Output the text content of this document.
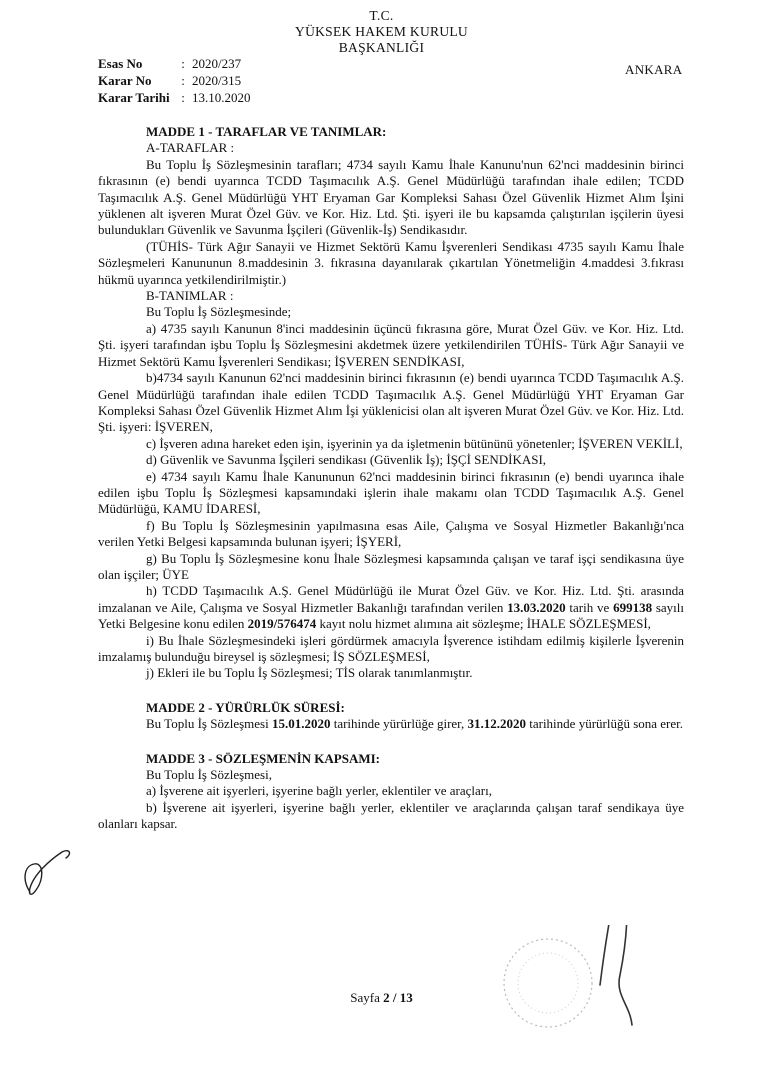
T.C.
YÜKSEK HAKEM KURULU
BAŞKANLIĞI
Esas No	: 2020/237
Karar No	: 2020/315
Karar Tarihi : 13.10.2020
ANKARA

MADDE 1 - TARAFLAR VE TANIMLAR:

A-TARAFLAR :

Bu Toplu İş Sözleşmesinin tarafları; 4734 sayılı Kamu İhale Kanunu'nun 62'nci maddesinin birinci fıkrasının (e) bendi uyarınca TCDD Taşımacılık A.Ş. Genel Müdürlüğü tarafından ihale edilen; TCDD Taşımacılık A.Ş. Genel Müdürlüğü YHT Eryaman Gar Kompleksi Sahası Özel Güvenlik Hizmet Alım İşini yüklenen alt işveren Murat Özel Güv. ve Kor. Hiz. Ltd. Şti. işyeri ile bu kapsamda çalıştırılan işçilerin üyesi bulundukları Güvenlik ve Savunma İşçileri (Güvenlik-İş) Sendikasıdır.

(TÜHİS- Türk Ağır Sanayii ve Hizmet Sektörü Kamu İşverenleri Sendikası 4735 sayılı Kamu İhale Sözleşmeleri Kanununun 8.maddesinin 3. fıkrasına dayanılarak çıkartılan Yönetmeliğin 4.maddesi 3.fıkrası hükmü uyarınca yetkilendirilmiştir.)

B-TANIMLAR :

Bu Toplu İş Sözleşmesinde;

a) 4735 sayılı Kanunun 8'inci maddesinin üçüncü fıkrasına göre, Murat Özel Güv. ve Kor. Hiz. Ltd. Şti. işyeri tarafından işbu Toplu İş Sözleşmesini akdetmek üzere yetkilendirilen TÜHİS- Türk Ağır Sanayii ve Hizmet Sektörü Kamu İşverenleri Sendikası; İŞVEREN SENDİKASI,

b)4734 sayılı Kanunun 62'nci maddesinin birinci fıkrasının (e) bendi uyarınca TCDD Taşımacılık A.Ş. Genel Müdürlüğü tarafından ihale edilen TCDD Taşımacılık A.Ş. Genel Müdürlüğü YHT Eryaman Gar Kompleksi Sahası Özel Güvenlik Hizmet Alım İşi yüklenicisi olan alt işveren Murat Özel Güv. ve Kor. Hiz. Ltd. Şti. işyeri: İŞVEREN,

c) İşveren adına hareket eden işin, işyerinin ya da işletmenin bütününü yönetenler; İŞVEREN VEKİLİ,

d) Güvenlik ve Savunma İşçileri sendikası (Güvenlik İş); İŞÇİ SENDİKASI,

e) 4734 sayılı Kamu İhale Kanununun 62'nci maddesinin birinci fıkrasının (e) bendi uyarınca ihale edilen işbu Toplu İş Sözleşmesi kapsamındaki işlerin ihale makamı olan TCDD Taşımacılık A.Ş. Genel Müdürlüğü, KAMU İDARESİ,

f) Bu Toplu İş Sözleşmesinin yapılmasına esas Aile, Çalışma ve Sosyal Hizmetler Bakanlığı'nca verilen Yetki Belgesi kapsamında bulunan işyeri; İŞYERİ,

g) Bu Toplu İş Sözleşmesine konu İhale Sözleşmesi kapsamında çalışan ve taraf işçi sendikasına üye olan işçiler; ÜYE

h) TCDD Taşımacılık A.Ş. Genel Müdürlüğü ile Murat Özel Güv. ve Kor. Hiz. Ltd. Şti. arasında imzalanan ve Aile, Çalışma ve Sosyal Hizmetler Bakanlığı tarafından verilen 13.03.2020 tarih ve 699138 sayılı Yetki Belgesine konu edilen 2019/576474 kayıt nolu hizmet alımına ait sözleşme; İHALE SÖZLEŞMESİ,

i) Bu İhale Sözleşmesindeki işleri gördürmek amacıyla İşverence istihdam edilmiş kişilerle İşverenin imzalamış bulunduğu bireysel iş sözleşmesi; İŞ SÖZLEŞMESİ,

j) Ekleri ile bu Toplu İş Sözleşmesi; TİS olarak tanımlanmıştır.

MADDE 2 - YÜRÜRLÜK SÜRESİ:

Bu Toplu İş Sözleşmesi 15.01.2020 tarihinde yürürlüğe girer, 31.12.2020 tarihinde yürürlüğü sona erer.

MADDE 3 - SÖZLEŞMENİN KAPSAMI:

Bu Toplu İş Sözleşmesi,

a) İşverene ait işyerleri, işyerine bağlı yerler, eklentiler ve araçları,

b) İşverene ait işyerleri, işyerine bağlı yerler, eklentiler ve araçlarında çalışan taraf sendikaya üye olanları kapsar.

Sayfa 2 / 13
